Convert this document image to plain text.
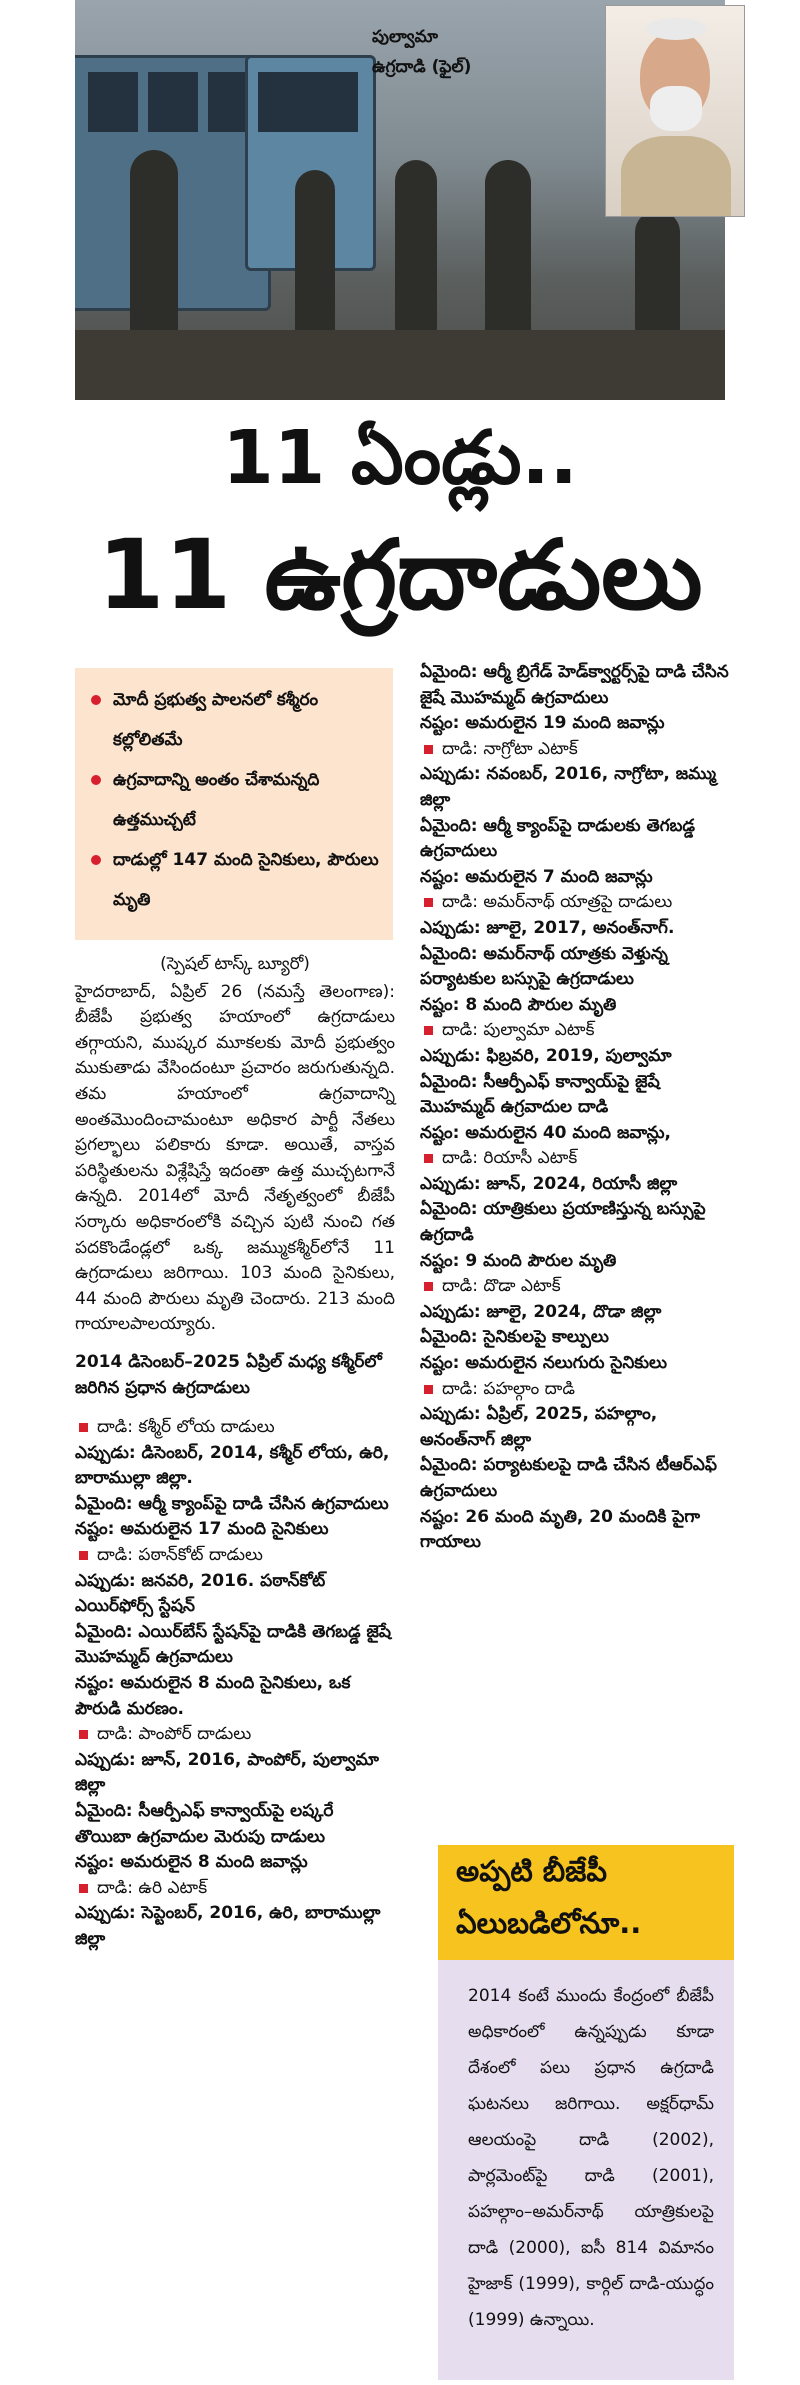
పుల్వామా
ఉగ్రదాడి (ఫైల్)
11 ఏండ్లు..
11 ఉగ్రదాడులు
మోదీ ప్రభుత్వ పాలనలో కశ్మీరం కల్లోలితమే
ఉగ్రవాదాన్ని అంతం చేశామన్నది ఉత్తముచ్చటే
దాడుల్లో 147 మంది సైనికులు, పౌరులు మృతి

(స్పెషల్ టాస్క్ బ్యూరో)

హైదరాబాద్, ఏప్రిల్ 26 (నమస్తే తెలంగాణ): బీజేపీ ప్రభుత్వ హయాంలో ఉగ్రదాడులు తగ్గాయని, ముష్కర మూకలకు మోదీ ప్రభుత్వం ముకుతాడు వేసిందంటూ ప్రచారం జరుగుతున్నది. తమ హయాంలో ఉగ్రవాదాన్ని అంతమొందించామంటూ అధికార పార్టీ నేతలు ప్రగల్భాలు పలికారు కూడా. అయితే, వాస్తవ పరిస్థితులను విశ్లేషిస్తే ఇదంతా ఉత్త ముచ్చటగానే ఉన్నది. 2014లో మోదీ నేతృత్వంలో బీజేపీ సర్కారు అధికారంలోకి వచ్చిన పుటి నుంచి గత పదకొండేండ్లలో ఒక్క జమ్ముకశ్మీర్‌లోనే 11 ఉగ్రదాడులు జరిగాయి. 103 మంది సైనికులు, 44 మంది పౌరులు మృతి చెందారు. 213 మంది గాయాలపాలయ్యారు.

2014 డిసెంబర్–2025 ఏప్రిల్ మధ్య కశ్మీర్‌లో జరిగిన ప్రధాన ఉగ్రదాడులు

దాడి: కశ్మీర్ లోయ దాడులు

ఎప్పుడు: డిసెంబర్, 2014, కశ్మీర్ లోయ, ఉరి, బారాముల్లా జిల్లా.

ఏమైంది: ఆర్మీ క్యాంప్‌పై దాడి చేసిన ఉగ్రవాదులు

నష్టం: అమరులైన 17 మంది సైనికులు

దాడి: పఠాన్‌కోట్ దాడులు

ఎప్పుడు: జనవరి, 2016. పఠాన్‌కోట్ ఎయిర్‌ఫోర్స్ స్టేషన్

ఏమైంది: ఎయిర్‌బేస్ స్టేషన్‌పై దాడికి తెగబడ్డ జైషే మొహమ్మద్ ఉగ్రవాదులు

నష్టం: అమరులైన 8 మంది సైనికులు, ఒక పౌరుడి మరణం.

దాడి: పాంపోర్ దాడులు

ఎప్పుడు: జూన్, 2016, పాంపోర్, పుల్వామా జిల్లా

ఏమైంది: సీఆర్పీఎఫ్ కాన్వాయ్‌పై లష్కరే తొయిబా ఉగ్రవాదుల మెరుపు దాడులు

నష్టం: అమరులైన 8 మంది జవాన్లు

దాడి: ఉరి ఎటాక్

ఎప్పుడు: సెప్టెంబర్, 2016, ఉరి, బారాముల్లా జిల్లా

ఏమైంది: ఆర్మీ బ్రిగేడ్ హెడ్‌క్వార్టర్స్‌పై దాడి చేసిన జైషే మొహమ్మద్ ఉగ్రవాదులు

నష్టం: అమరులైన 19 మంది జవాన్లు

దాడి: నాగ్రోటా ఎటాక్

ఎప్పుడు: నవంబర్, 2016, నాగ్రోటా, జమ్ము జిల్లా

ఏమైంది: ఆర్మీ క్యాంప్‌పై దాడులకు తెగబడ్డ ఉగ్రవాదులు

నష్టం: అమరులైన 7 మంది జవాన్లు

దాడి: అమర్‌నాథ్ యాత్రపై దాడులు

ఎప్పుడు: జూలై, 2017, అనంత్‌నాగ్.

ఏమైంది: అమర్‌నాథ్ యాత్రకు వెళ్తున్న పర్యాటకుల బస్సుపై ఉగ్రదాడులు

నష్టం: 8 మంది పౌరుల మృతి

దాడి: పుల్వామా ఎటాక్

ఎప్పుడు: ఫిబ్రవరి, 2019, పుల్వామా

ఏమైంది: సీఆర్పీఎఫ్ కాన్వాయ్‌పై జైషే మొహమ్మద్ ఉగ్రవాదుల దాడి

నష్టం: అమరులైన 40 మంది జవాన్లు,

దాడి: రియాసీ ఎటాక్

ఎప్పుడు: జూన్, 2024, రియాసీ జిల్లా

ఏమైంది: యాత్రికులు ప్రయాణిస్తున్న బస్సుపై ఉగ్రదాడి

నష్టం: 9 మంది పౌరుల మృతి

దాడి: దొడా ఎటాక్

ఎప్పుడు: జూలై, 2024, దొడా జిల్లా

ఏమైంది: సైనికులపై కాల్పులు

నష్టం: అమరులైన నలుగురు సైనికులు

దాడి: పహల్గాం దాడి

ఎప్పుడు: ఏప్రిల్, 2025, పహల్గాం, అనంత్‌నాగ్ జిల్లా

ఏమైంది: పర్యాటకులపై దాడి చేసిన టీఆర్‌ఎఫ్ ఉగ్రవాదులు

నష్టం: 26 మంది మృతి, 20 మందికి పైగా గాయాలు

అప్పటి బీజేపీ
ఏలుబడిలోనూ..

2014 కంటే ముందు కేంద్రంలో బీజేపీ అధికారంలో ఉన్నప్పుడు కూడా దేశంలో పలు ప్రధాన ఉగ్రదాడి ఘటనలు జరిగాయి. అక్షర్‌ధామ్ ఆలయంపై దాడి (2002), పార్లమెంట్‌పై దాడి (2001), పహల్గాం–అమర్‌నాథ్ యాత్రికులపై దాడి (2000), ఐసీ 814 విమానం హైజాక్ (1999), కార్గిల్ దాడి-యుద్ధం (1999) ఉన్నాయి.
